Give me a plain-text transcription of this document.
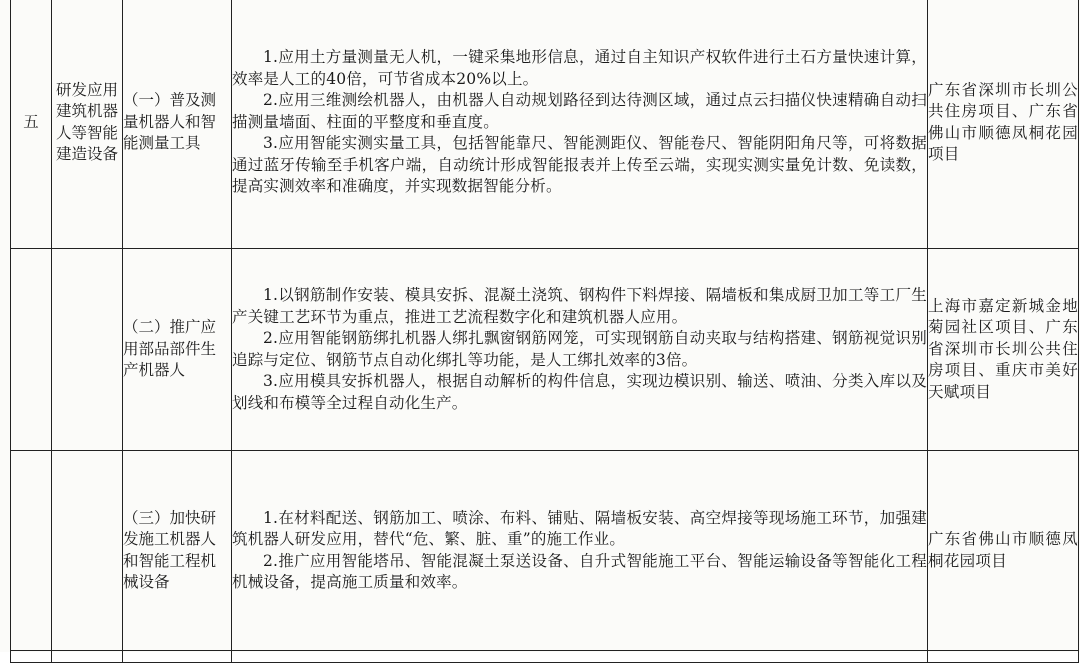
五	研发应用建筑机器人等智能建造设备	（一）普及测量机器人和智能测量工具	1.应用土方量测量无人机，一键采集地形信息，通过自主知识产权软件进行土石方量快速计算，效率是人工的40倍，可节省成本20%以上。

2.应用三维测绘机器人，由机器人自动规划路径到达待测区域，通过点云扫描仪快速精确自动扫描测量墙面、柱面的平整度和垂直度。

3.应用智能实测实量工具，包括智能靠尺、智能测距仪、智能卷尺、智能阴阳角尺等，可将数据通过蓝牙传输至手机客户端，自动统计形成智能报表并上传至云端，实现实测实量免计数、免读数，提高实测效率和准确度，并实现数据智能分析。	广东省深圳市长圳公共住房项目、广东省佛山市顺德凤桐花园项目

		（二）推广应用部品部件生产机器人	1.以钢筋制作安装、模具安拆、混凝土浇筑、钢构件下料焊接、隔墙板和集成厨卫加工等工厂生产关键工艺环节为重点，推进工艺流程数字化和建筑机器人应用。

2.应用智能钢筋绑扎机器人绑扎飘窗钢筋网笼，可实现钢筋自动夹取与结构搭建、钢筋视觉识别追踪与定位、钢筋节点自动化绑扎等功能，是人工绑扎效率的3倍。

3.应用模具安拆机器人，根据自动解析的构件信息，实现边模识别、输送、喷油、分类入库以及划线和布模等全过程自动化生产。	上海市嘉定新城金地菊园社区项目、广东省深圳市长圳公共住房项目、重庆市美好天赋项目

		（三）加快研发施工机器人和智能工程机械设备	1.在材料配送、钢筋加工、喷涂、布料、铺贴、隔墙板安装、高空焊接等现场施工环节，加强建筑机器人研发应用，替代“危、繁、脏、重”的施工作业。

2.推广应用智能塔吊、智能混凝土泵送设备、自升式智能施工平台、智能运输设备等智能化工程机械设备，提高施工质量和效率。	广东省佛山市顺德凤桐花园项目
